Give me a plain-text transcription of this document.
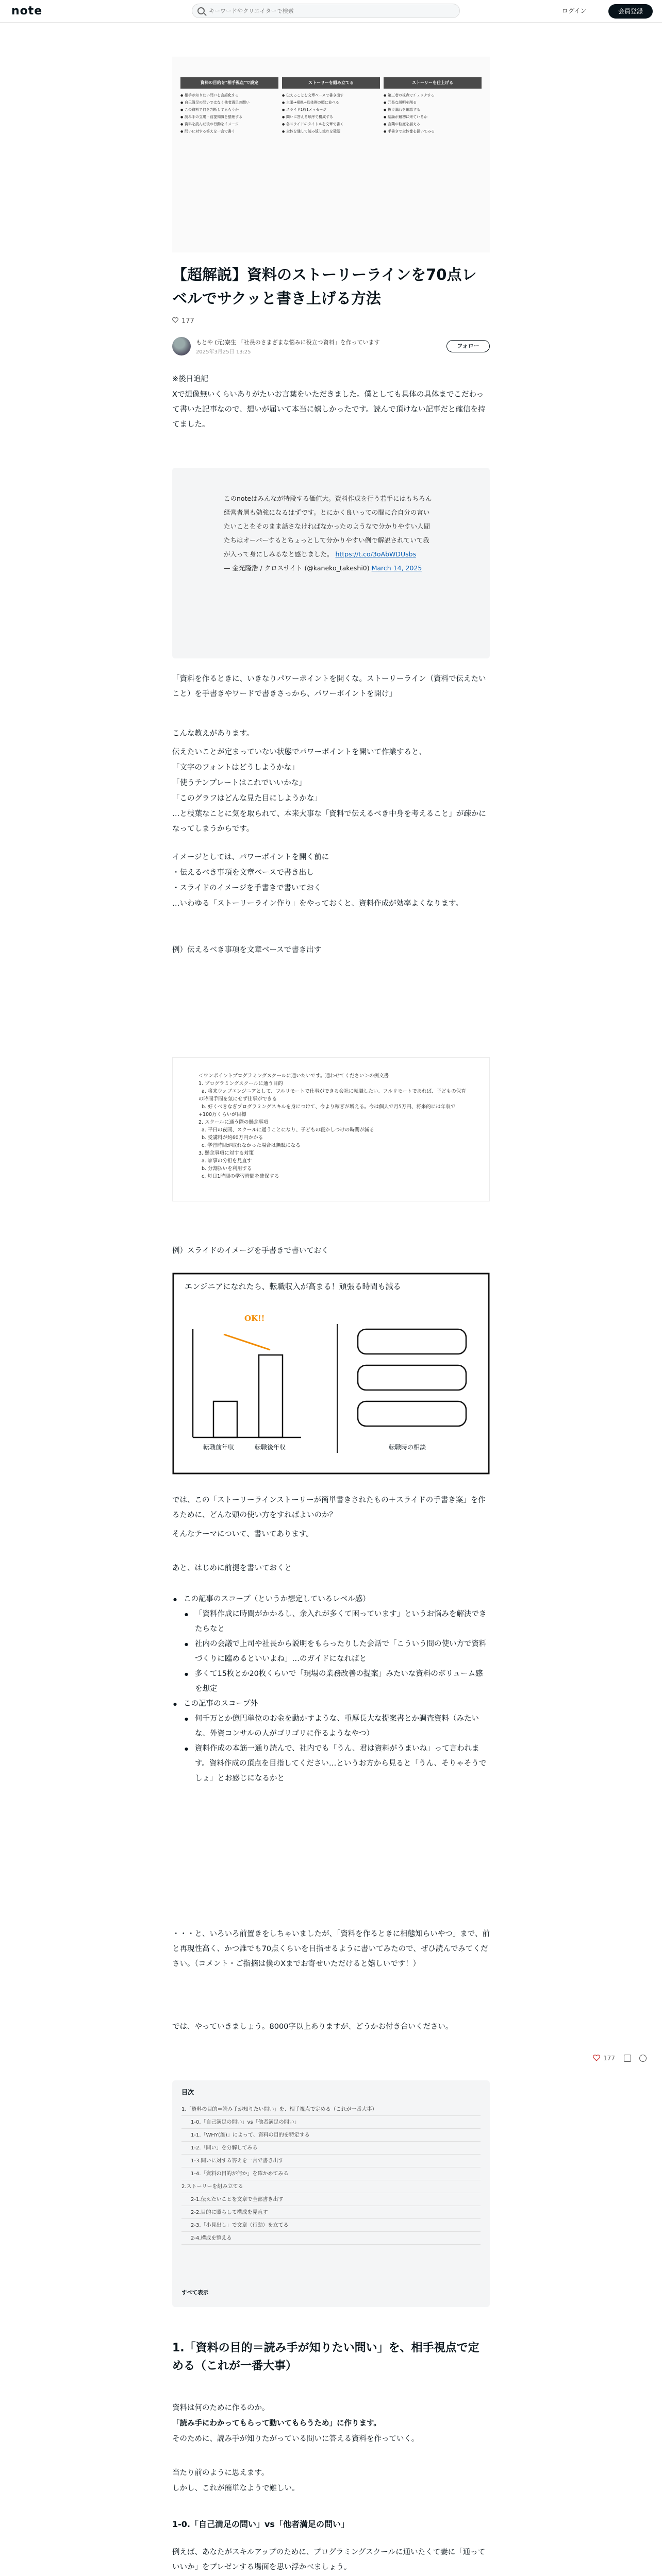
note
キーワードやクリエイターで検索	ログイン	会員登録
資料の目的を"相手視点"で設定
● 相手が知りたい問いを言語化する
● 自己満足の問いではなく他者満足の問い
● この資料で何を判断してもらうか
● 読み手の立場・前提知識を整理する
● 資料を読んだ後の行動をイメージ
● 問いに対する答えを一言で書く
ストーリーを組み立てる
● 伝えることを文章ベースで書き出す
● 主張→根拠→具体例の順に並べる
● スライド1枚1メッセージ
● 問いに答える順序で構成する
● 各スライドのタイトルを文章で書く
● 全体を通して読み返し流れを確認
ストーリーを仕上げる
● 第三者の視点でチェックする
● 冗長な説明を削る
● 抜け漏れを確認する
● 結論が最初に来ているか
● 言葉の粒度を揃える
● 手書きで全体像を描いてみる
【超解説】資料のストーリーラインを70点レベルでサクッと書き上げる方法
177
もとや (元)寮生 「社長のさまざまな悩みに役立つ資料」を作っています
2025年3月25日 13:25
フォロー
※後日追記
Xで想像無いくらいありがたいお言葉をいただきました。僕としても具体の具体までこだわって書いた記事なので、想いが届いて本当に嬉しかったです。読んで頂けない記事だと確信を持てました。
このnoteはみんなが特段する価値大。資料作成を行う若手にはもちろん経営者層も勉強になるはずです。とにかく良いっての間に合自分の言いたいことをそのまま話さなければなかったのようなで分かりやすい人間たちはオーバーするとちょっとして分かりやすい例で解説されていて我が入って身にしみるなと感じました。 https://t.co/3oAbWDUsbs
— 金光隆浩 / クロスサイト (@kaneko_takeshi0) March 14, 2025
「資料を作るときに、いきなりパワーポイントを開くな。ストーリーライン（資料で伝えたいこと）を手書きやワードで書きさっから、パワーポイントを開け」
こんな教えがあります。
伝えたいことが定まっていない状態でパワーポイントを開いて作業すると、
「文字のフォントはどうしようかな」
「使うテンプレートはこれでいいかな」
「このグラフはどんな見た目にしようかな」
…と枝葉なことに気を取られて、本来大事な「資料で伝えるべき中身を考えること」が疎かになってしまうからです。
イメージとしては、パワーポイントを開く前に
・伝えるべき事項を文章ベースで書き出し
・スライドのイメージを手書きで書いておく
…いわゆる「ストーリーライン作り」をやっておくと、資料作成が効率よくなります。
例）伝えるべき事項を文章ベースで書き出す
＜ワンポイントプログラミングスクールに通いたいです。通わせてください＞の例文書
1. プログラミングスクールに通う目的
a. 将来ウェブエンジニアとして、フルリモートで仕事ができる会社に転職したい。フルリモートであれば、子どもの保育の時間手間を気にせず仕事ができる
b. 好くべきなぎプログラミングスキルを身につけて、今より稼ぎが増える。今は個人で月5万円、将来的には年収で+100万くらいが目標
2. スクールに通う際の懸念事項
a. 平日の夜間、スクールに通うことになり、子どもの寝かしつけの時間が減る
b. 受講料が約60万円かかる
c. 学習時間が取れなかった場合は無駄になる
3. 懸念事項に対する対策
a. 家事の分担を見直す
b. 分割払いを利用する
c. 毎日1時間の学習時間を確保する
例）スライドのイメージを手書きで書いておく
エンジニアになれたら、転職収入が高まる！頑張る時間も減る
OK!!
転職前年収	転職後年収	転職時の相談
では、この「ストーリーラインストーリーが簡単書きされたもの＋スライドの手書き案」を作るために、どんな頭の使い方をすればよいのか？
そんなテーマについて、書いてあります。
あと、はじめに前提を書いておくと
● この記事のスコープ（というか想定しているレベル感）
● 「資料作成に時間がかかるし、余入れが多くて困っています」というお悩みを解決できたらなと
● 社内の会議で上司や社長から説明をもらったりした会話で「こういう問の使い方で資料づくりに臨めるといいよね」…のガイドになればと
● 多くて15枚とか20枚くらいで「現場の業務改善の提案」みたいな資料のボリューム感を想定
● この記事のスコープ外
● 何千万とか億円単位のお金を動かすような、重厚長大な提案書とか調査資料（みたいな、外資コンサルの人がゴリゴリに作るようなやつ）
● 資料作成の本筋一通り読んで、社内でも「うん、君は資料がうまいね」って言われます。資料作成の頂点を目指してください…というお方から見ると「うん、そりゃそうでしょ」とお感じになるかと
・・・と、いろいろ前置きをしちゃいましたが、「資料を作るときに相態知らいやつ」まで、前と再現性高く、かつ誰でも70点くらいを目指せるように書いてみたので、ぜひ読んでみてください。（コメント・ご指摘は僕のXまでお寄せいただけると嬉しいです！）
では、やっていきましょう。8000字以上ありますが、どうかお付き合いください。
177
目次
1.「資料の目的＝読み手が知りたい問い」を、相手視点で定める（これが一番大事）
1-0.「自己満足の問い」vs「他者満足の問い」
1-1.「WHY(誰)」によって、資料の目的を特定する
1-2.「問い」を分解してみる
1-3.問いに対する答えを一言で書き出す
1-4.「資料の目的が何か」を確かめてみる
2.ストーリーを組み立てる
2-1.伝えたいことを文章で全部書き出す
2-2.目的に照らして構成を見直す
2-3.「小見出し」で文章（行動）を立てる
2-4.構成を整える
すべて表示
1.「資料の目的＝読み手が知りたい問い」を、相手視点で定める（これが一番大事）
資料は何のために作るのか。
「読み手にわかってもらって動いてもらうため」に作ります。
そのために、読み手が知りたがっている問いに答える資料を作っていく。
当たり前のように思えます。
しかし、これが簡単なようで難しい。
1-0.「自己満足の問い」vs「他者満足の問い」
例えば、あなたがスキルアップのために、プログラミングスクールに通いたくて妻に「通っていいか」をプレゼンする場面を思い浮かべましょう。
